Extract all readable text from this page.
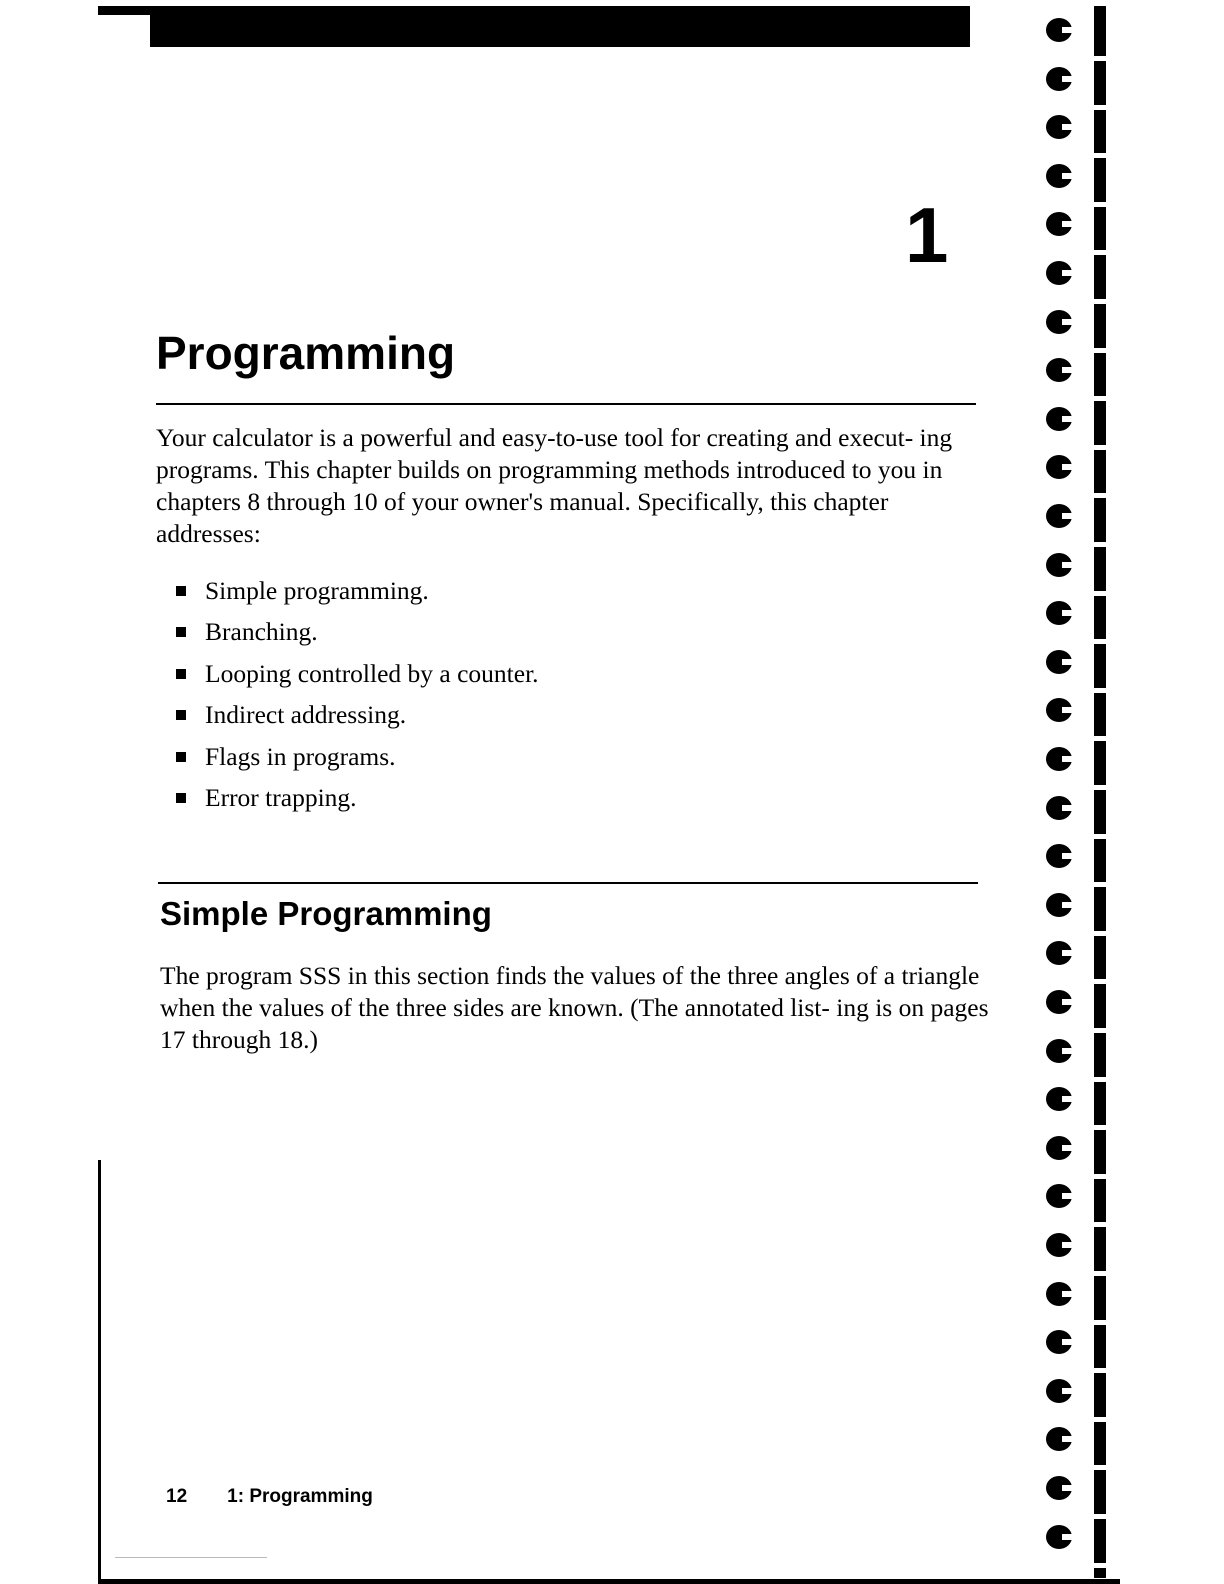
1
Programming

Your calculator is a powerful and easy-to-use tool for creating and execut- ing programs. This chapter builds on programming methods introduced to you in chapters 8 through 10 of your owner's manual. Specifically, this chapter addresses:

Simple programming.
Branching.
Looping controlled by a counter.
Indirect addressing.
Flags in programs.
Error trapping.
Simple Programming

The program SSS in this section finds the values of the three angles of a triangle when the values of the three sides are known. (The annotated list- ing is on pages 17 through 18.)

12 1: Programming
